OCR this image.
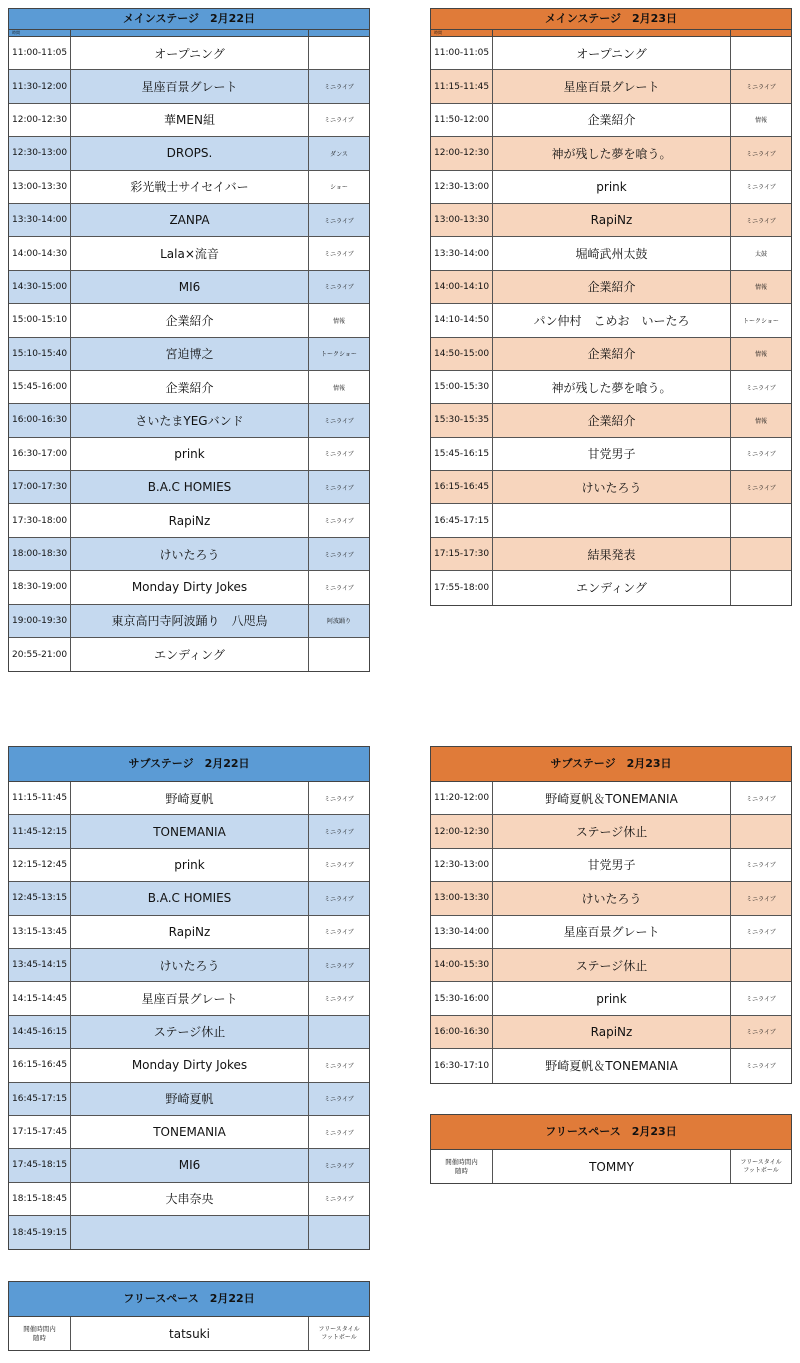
メインステージ　2月22日
時間
11:00-11:05	オープニング
11:30-12:00	星座百景グレート	ミニライブ
12:00-12:30	華MEN組	ミニライブ
12:30-13:00	DROPS.	ダンス
13:00-13:30	彩光戦士サイセイバー	ショー
13:30-14:00	ZANPA	ミニライブ
14:00-14:30	Lala×流音	ミニライブ
14:30-15:00	MI6	ミニライブ
15:00-15:10	企業紹介	情報
15:10-15:40	宮迫博之	トークショー
15:45-16:00	企業紹介	情報
16:00-16:30	さいたまYEGバンド	ミニライブ
16:30-17:00	prink	ミニライブ
17:00-17:30	B.A.C HOMIES	ミニライブ
17:30-18:00	RapiNz	ミニライブ
18:00-18:30	けいたろう	ミニライブ
18:30-19:00	Monday Dirty Jokes	ミニライブ
19:00-19:30	東京高円寺阿波踊り　八咫烏	阿波踊り
20:55-21:00	エンディング
メインステージ　2月23日
時間
11:00-11:05	オープニング
11:15-11:45	星座百景グレート	ミニライブ
11:50-12:00	企業紹介	情報
12:00-12:30	神が残した夢を喰う。	ミニライブ
12:30-13:00	prink	ミニライブ
13:00-13:30	RapiNz	ミニライブ
13:30-14:00	堀崎武州太鼓	太鼓
14:00-14:10	企業紹介	情報
14:10-14:50	パン仲村　こめお　いーたろ	トークショー
14:50-15:00	企業紹介	情報
15:00-15:30	神が残した夢を喰う。	ミニライブ
15:30-15:35	企業紹介	情報
15:45-16:15	甘党男子	ミニライブ
16:15-16:45	けいたろう	ミニライブ
16:45-17:15
17:15-17:30	結果発表
17:55-18:00	エンディング
サブステージ　2月22日
11:15-11:45	野崎夏帆	ミニライブ
11:45-12:15	TONEMANIA	ミニライブ
12:15-12:45	prink	ミニライブ
12:45-13:15	B.A.C HOMIES	ミニライブ
13:15-13:45	RapiNz	ミニライブ
13:45-14:15	けいたろう	ミニライブ
14:15-14:45	星座百景グレート	ミニライブ
14:45-16:15	ステージ休止
16:15-16:45	Monday Dirty Jokes	ミニライブ
16:45-17:15	野崎夏帆	ミニライブ
17:15-17:45	TONEMANIA	ミニライブ
17:45-18:15	MI6	ミニライブ
18:15-18:45	大串奈央	ミニライブ
18:45-19:15
サブステージ　2月23日
11:20-12:00	野崎夏帆＆TONEMANIA	ミニライブ
12:00-12:30	ステージ休止
12:30-13:00	甘党男子	ミニライブ
13:00-13:30	けいたろう	ミニライブ
13:30-14:00	星座百景グレート	ミニライブ
14:00-15:30	ステージ休止
15:30-16:00	prink	ミニライブ
16:00-16:30	RapiNz	ミニライブ
16:30-17:10	野崎夏帆＆TONEMANIA	ミニライブ
フリースペース　2月23日
開催時間内
随時	TOMMY	フリースタイル
フットボール
フリースペース　2月22日
開催時間内
随時	tatsuki	フリースタイル
フットボール
